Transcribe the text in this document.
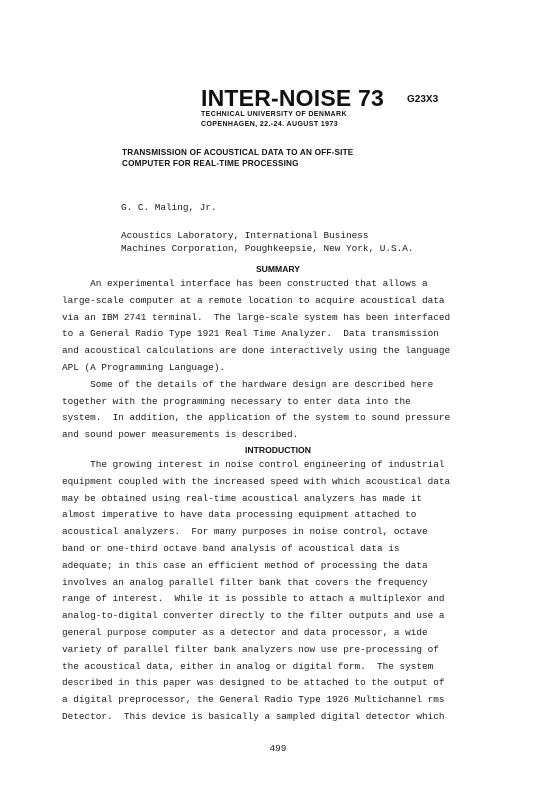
INTER-NOISE 73 G23X3
TECHNICAL UNIVERSITY OF DENMARK
COPENHAGEN, 22.-24. AUGUST 1973
TRANSMISSION OF ACOUSTICAL DATA TO AN OFF-SITE
COMPUTER FOR REAL-TIME PROCESSING
G. C. Maling, Jr.
Acoustics Laboratory, International Business
Machines Corporation, Poughkeepsie, New York, U.S.A.
SUMMARY
An experimental interface has been constructed that allows a
large-scale computer at a remote location to acquire acoustical data
via an IBM 2741 terminal.  The large-scale system has been interfaced
to a General Radio Type 1921 Real Time Analyzer.  Data transmission
and acoustical calculations are done interactively using the language
APL (A Programming Language).
Some of the details of the hardware design are described here
together with the programming necessary to enter data into the
system.  In addition, the application of the system to sound pressure
and sound power measurements is described.
INTRODUCTION
The growing interest in noise control engineering of industrial
equipment coupled with the increased speed with which acoustical data
may be obtained using real-time acoustical analyzers has made it
almost imperative to have data processing equipment attached to
acoustical analyzers.  For many purposes in noise control, octave
band or one-third octave band analysis of acoustical data is
adequate; in this case an efficient method of processing the data
involves an analog parallel filter bank that covers the frequency
range of interest.  While it is possible to attach a multiplexor and
analog-to-digital converter directly to the filter outputs and use a
general purpose computer as a detector and data processor, a wide
variety of parallel filter bank analyzers now use pre-processing of
the acoustical data, either in analog or digital form.  The system
described in this paper was designed to be attached to the output of
a digital preprocessor, the General Radio Type 1926 Multichannel rms
Detector.  This device is basically a sampled digital detector which
499
